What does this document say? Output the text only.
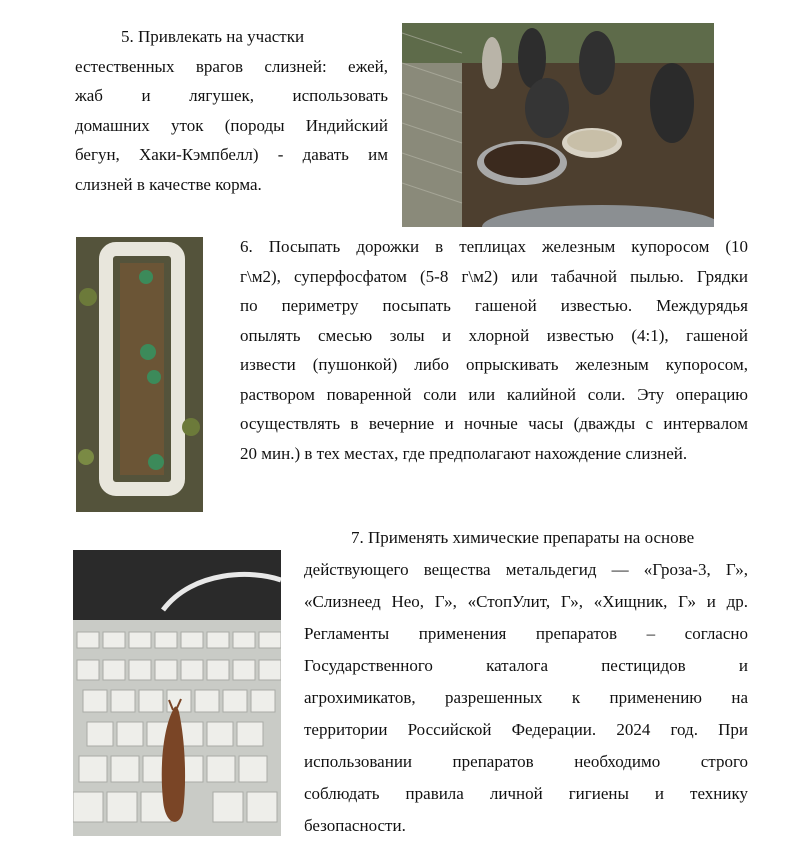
5. Привлекать на участки
естественных врагов слизней: ежей,
жаб и лягушек, использовать
домашних уток (породы Индийский
бегун, Хаки-Кэмпбелл) - давать им
слизней в качестве корма.
6. Посыпать дорожки в теплицах железным купоросом (10
г\м2), суперфосфатом (5-8 г\м2) или табачной пылью. Грядки
по периметру посыпать гашеной известью. Междурядья
опылять смесью золы и хлорной известью (4:1), гашеной
извести (пушонкой) либо опрыскивать железным купоросом,
раствором поваренной соли или калийной соли. Эту операцию
осуществлять в вечерние и ночные часы (дважды с интервалом
20 мин.) в тех местах, где предполагают нахождение слизней.
7. Применять химические препараты на основе
действующего вещества метальдегид — «Гроза-3, Г»,
«Слизнеед Нео, Г», «СтопУлит, Г», «Хищник, Г» и др.
Регламенты применения препаратов – согласно
Государственного каталога пестицидов и
агрохимикатов, разрешенных к применению на
территории Российской Федерации. 2024 год. При
использовании препаратов необходимо строго
соблюдать правила личной гигиены и технику
безопасности.
